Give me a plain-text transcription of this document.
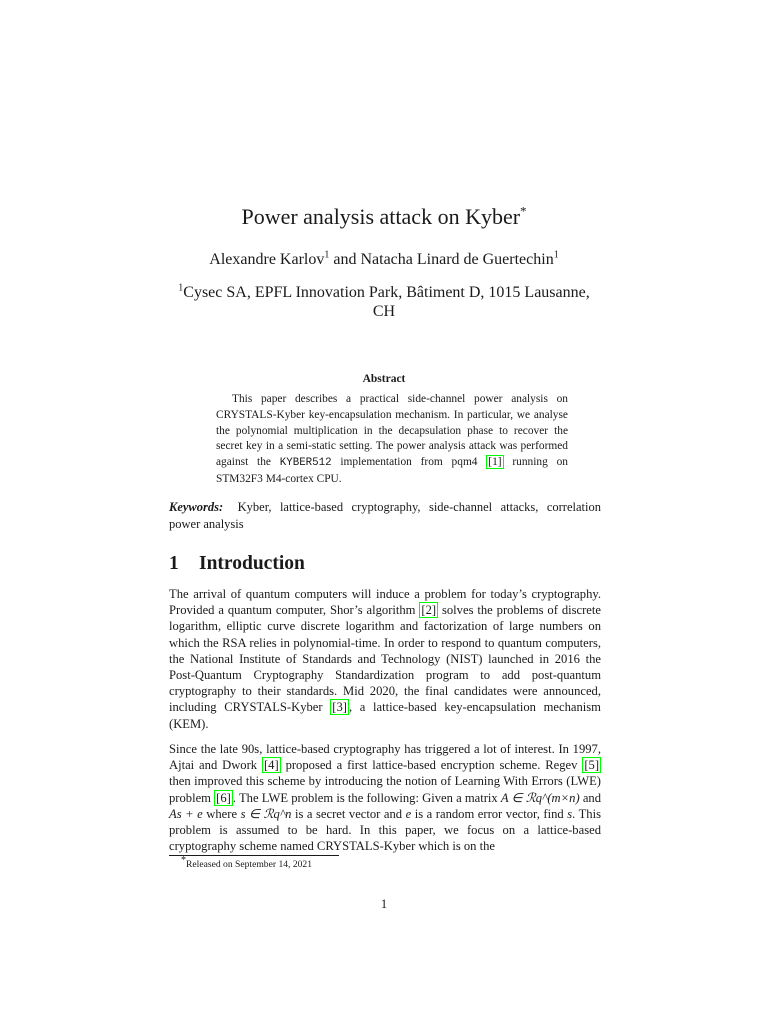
Power analysis attack on Kyber*
Alexandre Karlov$^1$ and Natacha Linard de Guertechin$^1$
$^1$Cysec SA, EPFL Innovation Park, Bâtiment D, 1015 Lausanne, CH
Abstract
This paper describes a practical side-channel power analysis on CRYSTALS-Kyber key-encapsulation mechanism. In particular, we analyse the polynomial multiplication in the decapsulation phase to recover the secret key in a semi-static setting. The power analysis attack was performed against the KYBER512 implementation from pqm4 [1] running on STM32F3 M4-cortex CPU.
Keywords: Kyber, lattice-based cryptography, side-channel attacks, correlation power analysis
1 Introduction
The arrival of quantum computers will induce a problem for today’s cryptography. Provided a quantum computer, Shor’s algorithm [2] solves the problems of discrete logarithm, elliptic curve discrete logarithm and factorization of large numbers on which the RSA relies in polynomial-time. In order to respond to quantum computers, the National Institute of Standards and Technology (NIST) launched in 2016 the Post-Quantum Cryptography Standardization program to add post-quantum cryptography to their standards. Mid 2020, the final candidates were announced, including CRYSTALS-Kyber [3] , a lattice-based key-encapsulation mechanism (KEM).
Since the late 90s, lattice-based cryptography has triggered a lot of interest. In 1997, Ajtai and Dwork [4] proposed a first lattice-based encryption scheme. Regev [5] then improved this scheme by introducing the notion of Learning With Errors (LWE) problem [6] . The LWE problem is the following: Given a matrix A ∈ ℛq^(m×n) and As + e where s ∈ ℛq^n is a secret vector and e is a random error vector, find s. This problem is assumed to be hard. In this paper, we focus on a lattice-based cryptography scheme named CRYSTALS-Kyber which is on the
*Released on September 14, 2021
1
